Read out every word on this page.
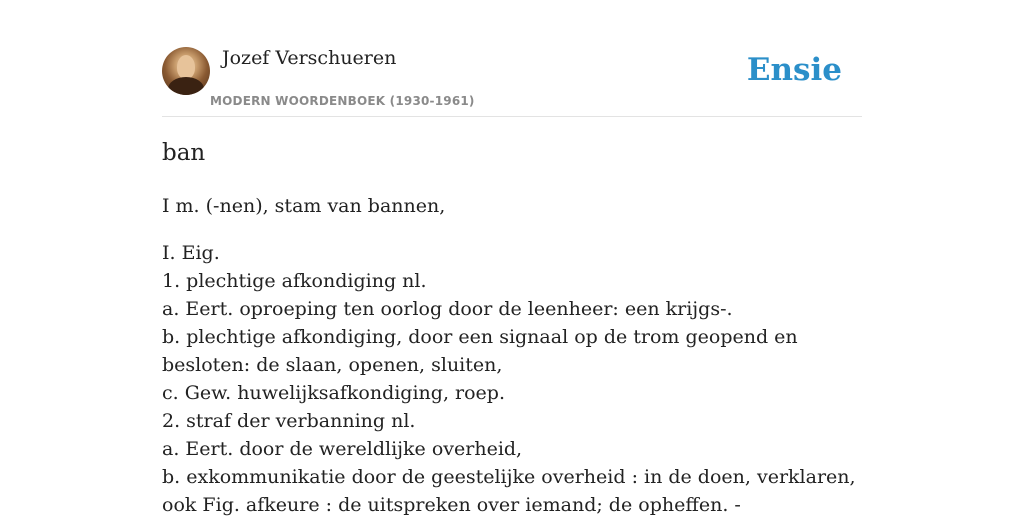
Jozef Verschueren
MODERN WOORDENBOEK (1930-1961)
Ensie
ban

I m. (-nen), stam van bannen,

I. Eig.

1. plechtige afkondiging nl.

a. Eert. oproeping ten oorlog door de leenheer: een krijgs-.

b. plechtige afkondiging, door een signaal op de trom geopend en besloten: de slaan, openen, sluiten,

c. Gew. huwelijksafkondiging, roep.

2. straf der verbanning nl.

a. Eert. door de wereldlijke overheid,

b. exkommunikatie door de geestelijke overheid : in de doen, verklaren, ook Fig. afkeure : de uitspreken over iemand; de opheffen. -
